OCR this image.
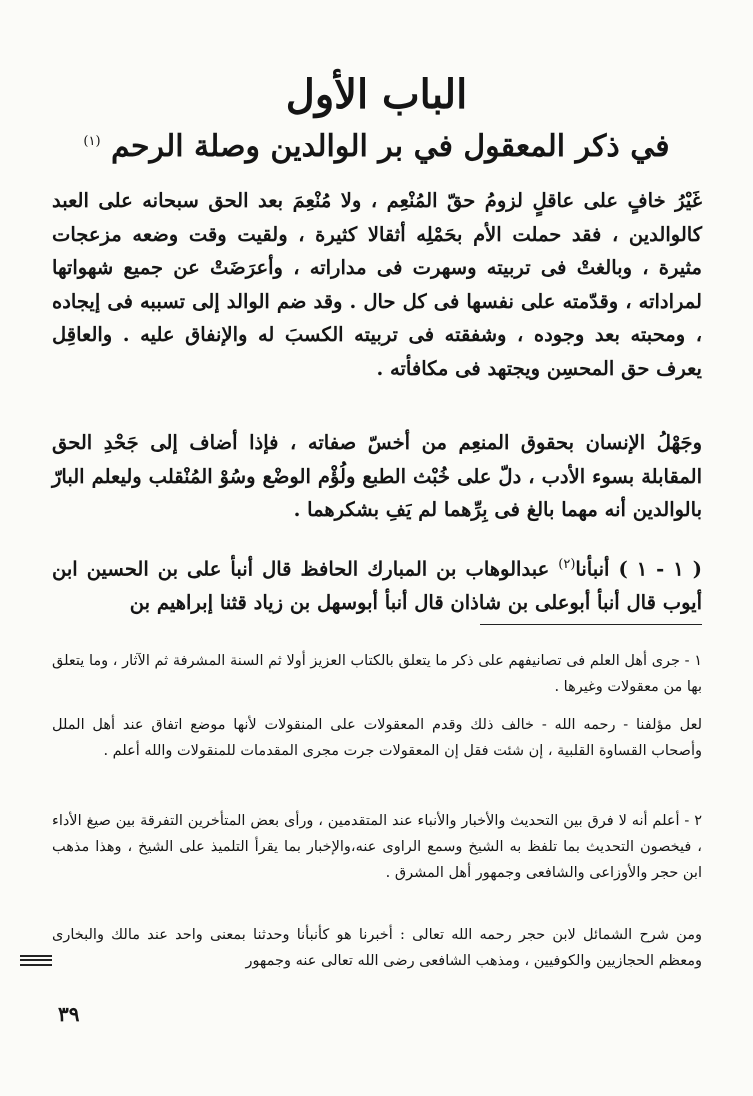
الباب الأول
في ذكر المعقول في بر الوالدين وصلة الرحم $^{(١)}$

غَيْرُ خافٍ على عاقلٍ لزومُ حقّ المُنْعِم ، ولا مُنْعِمَ بعد الحق سبحانه على العبد كالوالدين ، فقد حملت الأم بحَمْلِه أثقالا كثيرة ، ولقيت وقت وضعه مزعجات مثيرة ، وبالغتْ فى تربيته وسهرت فى مداراته ، وأعرَضَتْ عن جميع شهواتها لمراداته ، وقدّمته على نفسها فى كل حال . وقد ضم الوالد إلى تسببه فى إيجاده ، ومحبته بعد وجوده ، وشفقته فى تربيته الكسبَ له والإنفاق عليه . والعاقِل يعرف حق المحسِن ويجتهد فى مكافأته .

وجَهْلُ الإنسان بحقوق المنعِم من أخسّ صفاته ، فإذا أضاف إلى جَحْدِ الحق المقابلة بسوء الأدب ، دلّ على خُبْث الطبع ولُؤْم الوضْع وسُوْ المُنْقلب وليعلم البارّ بالوالدين أنه مهما بالغ فى بِرِّهما لم يَفِ بشكرهما .

( ١ - ١ ) أنبأنا$^{(٢)}$ عبدالوهاب بن المبارك الحافظ قال أنبأ على بن الحسين ابن أيوب قال أنبأ أبوعلى بن شاذان قال أنبأ أبوسهل بن زياد قثنا إبراهيم بن

١ - جرى أهل العلم فى تصانيفهم على ذكر ما يتعلق بالكتاب العزيز أولا ثم السنة المشرفة ثم الآثار ، وما يتعلق بها من معقولات وغيرها .

لعل مؤلفنا - رحمه الله - خالف ذلك وقدم المعقولات على المنقولات لأنها موضع اتفاق عند أهل الملل وأصحاب القساوة القلبية ، إن شئت فقل إن المعقولات جرت مجرى المقدمات للمنقولات والله أعلم .

٢ - أعلم أنه لا فرق بين التحديث والأخبار والأنباء عند المتقدمين ، ورأى بعض المتأخرين التفرقة بين صيغ الأداء ، فيخصون التحديث بما تلفظ به الشيخ وسمع الراوى عنه،والإخبار بما يقرأ التلميذ على الشيخ ، وهذا مذهب ابن حجر والأوزاعى والشافعى وجمهور أهل المشرق .

ومن شرح الشمائل لابن حجر رحمه الله تعالى : أخبرنا هو كأنبأنا وحدثنا بمعنى واحد عند مالك والبخارى ومعظم الحجازيين والكوفيين ، ومذهب الشافعى رضى الله تعالى عنه وجمهور

٣٩
